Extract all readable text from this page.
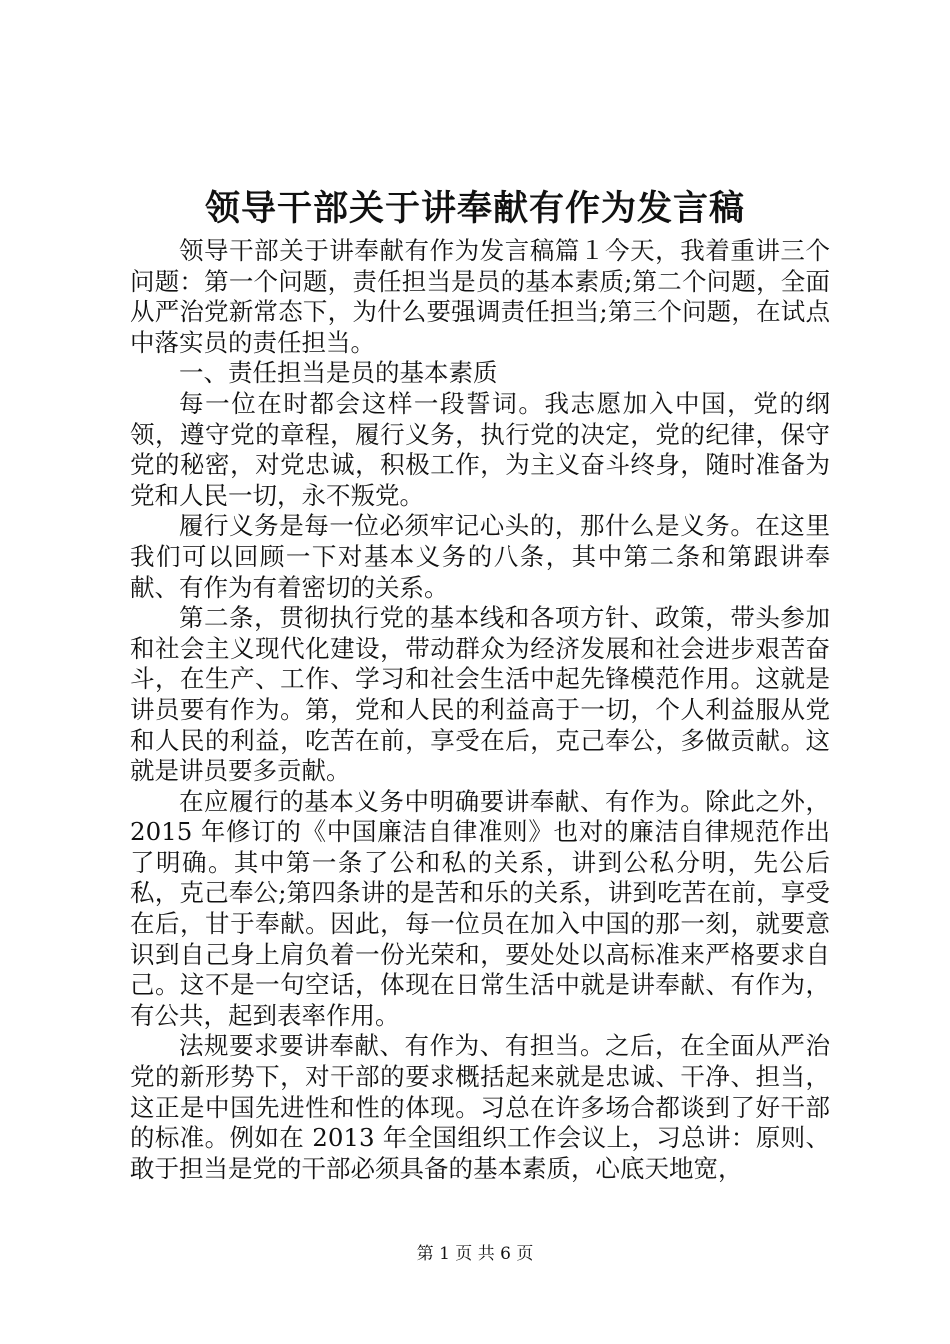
领导干部关于讲奉献有作为发言稿

领导干部关于讲奉献有作为发言稿篇１今天，我着重讲三个问题：第一个问题，责任担当是员的基本素质;第二个问题，全面从严治党新常态下，为什么要强调责任担当;第三个问题，在试点中落实员的责任担当。

一、责任担当是员的基本素质

每一位在时都会这样一段誓词。我志愿加入中国，党的纲领，遵守党的章程，履行义务，执行党的决定，党的纪律，保守党的秘密，对党忠诚，积极工作，为主义奋斗终身，随时准备为党和人民一切，永不叛党。

履行义务是每一位必须牢记心头的，那什么是义务。在这里我们可以回顾一下对基本义务的八条，其中第二条和第跟讲奉献、有作为有着密切的关系。

第二条，贯彻执行党的基本线和各项方针、政策，带头参加和社会主义现代化建设，带动群众为经济发展和社会进步艰苦奋斗，在生产、工作、学习和社会生活中起先锋模范作用。这就是讲员要有作为。第，党和人民的利益高于一切，个人利益服从党和人民的利益，吃苦在前，享受在后，克己奉公，多做贡献。这就是讲员要多贡献。

在应履行的基本义务中明确要讲奉献、有作为。除此之外，2015 年修订的《中国廉洁自律准则》也对的廉洁自律规范作出了明确。其中第一条了公和私的关系，讲到公私分明，先公后私，克己奉公;第四条讲的是苦和乐的关系，讲到吃苦在前，享受在后，甘于奉献。因此，每一位员在加入中国的那一刻，就要意识到自己身上肩负着一份光荣和，要处处以高标准来严格要求自己。这不是一句空话，体现在日常生活中就是讲奉献、有作为，有公共，起到表率作用。

法规要求要讲奉献、有作为、有担当。之后，在全面从严治党的新形势下，对干部的要求概括起来就是忠诚、干净、担当，这正是中国先进性和性的体现。习总在许多场合都谈到了好干部的标准。例如在 2013 年全国组织工作会议上，习总讲：原则、敢于担当是党的干部必须具备的基本素质，心底天地宽，

第 1 页 共 6 页
